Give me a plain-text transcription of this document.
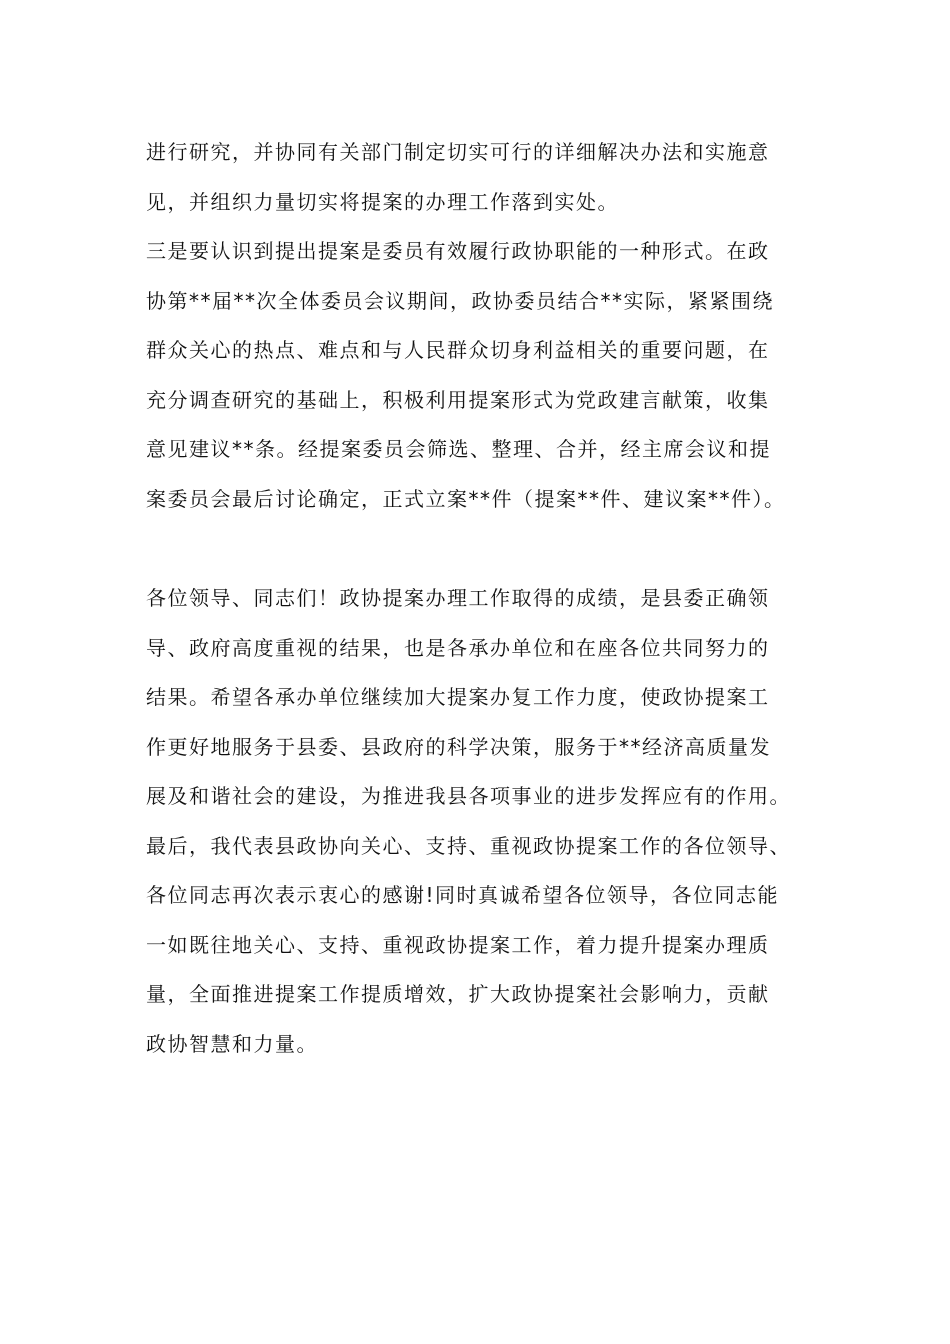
进行研究，并协同有关部门制定切实可行的详细解决办法和实施意
见，并组织力量切实将提案的办理工作落到实处。
三是要认识到提出提案是委员有效履行政协职能的一种形式。在政
协第**届**次全体委员会议期间，政协委员结合**实际，紧紧围绕
群众关心的热点、难点和与人民群众切身利益相关的重要问题，在
充分调查研究的基础上，积极利用提案形式为党政建言献策，收集
意见建议**条。经提案委员会筛选、整理、合并，经主席会议和提
案委员会最后讨论确定，正式立案**件（提案**件、建议案**件）。
各位领导、同志们！政协提案办理工作取得的成绩，是县委正确领
导、政府高度重视的结果，也是各承办单位和在座各位共同努力的
结果。希望各承办单位继续加大提案办复工作力度，使政协提案工
作更好地服务于县委、县政府的科学决策，服务于**经济高质量发
展及和谐社会的建设，为推进我县各项事业的进步发挥应有的作用。
最后，我代表县政协向关心、支持、重视政协提案工作的各位领导、
各位同志再次表示衷心的感谢!同时真诚希望各位领导，各位同志能
一如既往地关心、支持、重视政协提案工作，着力提升提案办理质
量，全面推进提案工作提质增效，扩大政协提案社会影响力，贡献
政协智慧和力量。
